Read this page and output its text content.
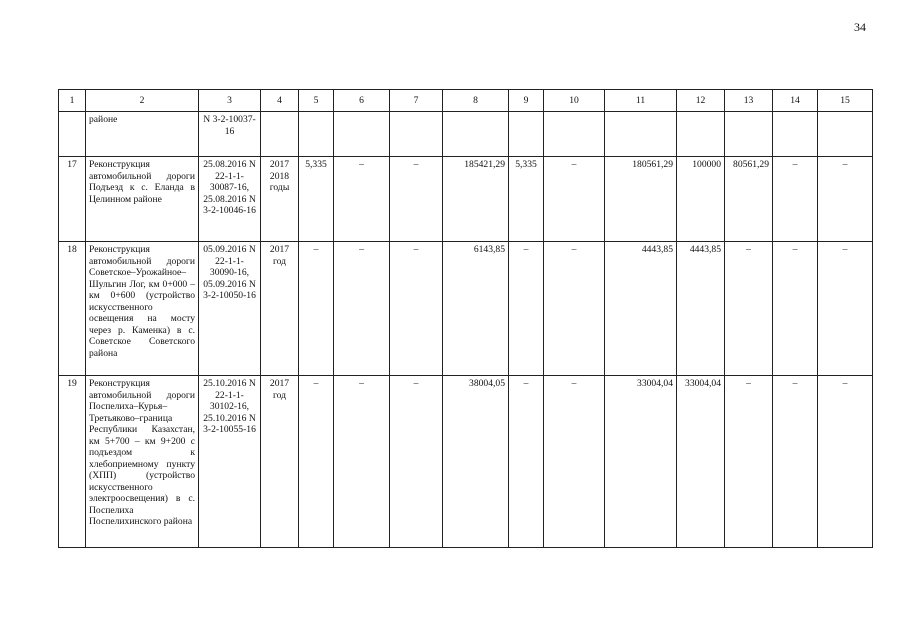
34
1	2	3	4	5	6	7	8	9	10	11	12	13	14	15
	районе	N 3-2-10037-16												
17	Реконструкция автомобильной дороги Подъезд к с. Еланда в Целинном районе	25.08.2016 N 22-1-1-30087-16, 25.08.2016 N 3-2-10046-16	2017 2018 годы	5,335	–	–	185421,29	5,335	–	180561,29	100000	80561,29	–	–
18	Реконструкция автомобильной дороги Советское–Урожайное–Шульгин Лог, км 0+000 – км 0+600 (устройство искусственного освещения на мосту через р. Каменка) в с. Советское Советского района	05.09.2016 N 22-1-1-30090-16, 05.09.2016 N 3-2-10050-16	2017 год	–	–	–	6143,85	–	–	4443,85	4443,85	–	–	–
19	Реконструкция автомобильной дороги Поспелиха–Курья–Третьяково–граница Республики Казахстан, км 5+700 – км 9+200 с подъездом к хлебоприемному пункту (ХПП) (устройство искусственного электроосвещения) в с. Поспелиха Поспелихинского района	25.10.2016 N 22-1-1-30102-16, 25.10.2016 N 3-2-10055-16	2017 год	–	–	–	38004,05	–	–	33004,04	33004,04	–	–	–
